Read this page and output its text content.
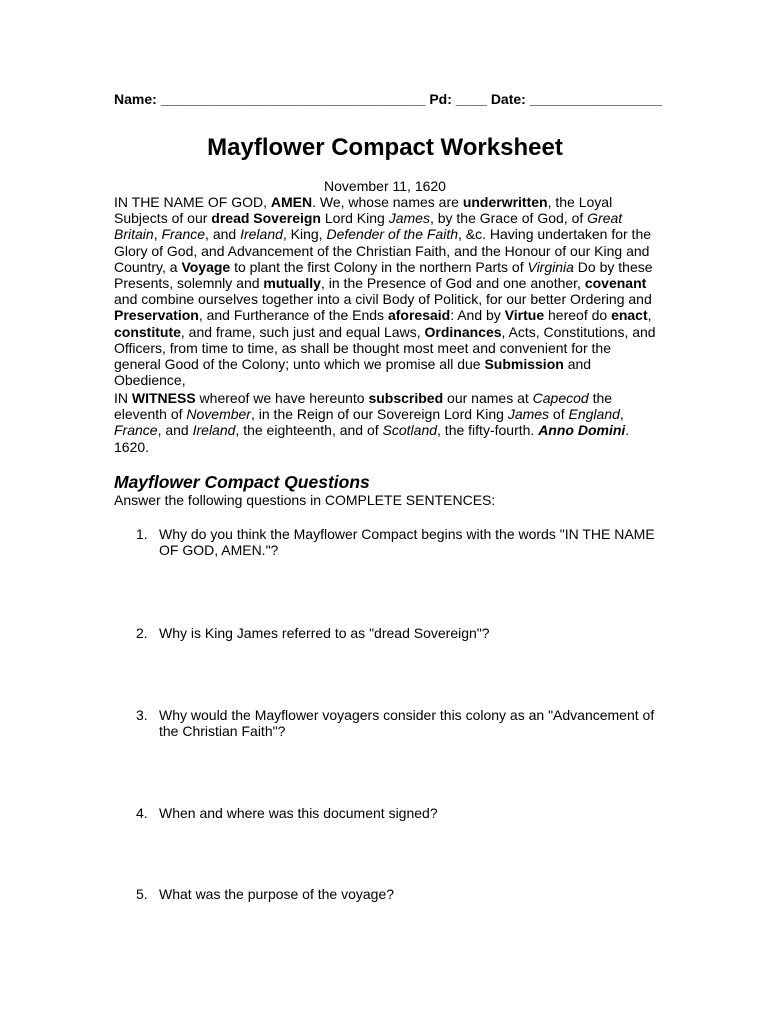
Name: __________________________________ Pd: ____ Date: _________________
Mayflower Compact Worksheet
November 11, 1620

IN THE NAME OF GOD, AMEN. We, whose names are underwritten, the Loyal Subjects of our dread Sovereign Lord King James, by the Grace of God, of Great Britain, France, and Ireland, King, Defender of the Faith, &c. Having undertaken for the Glory of God, and Advancement of the Christian Faith, and the Honour of our King and Country, a Voyage to plant the first Colony in the northern Parts of Virginia Do by these Presents, solemnly and mutually, in the Presence of God and one another, covenant and combine ourselves together into a civil Body of Politick, for our better Ordering and Preservation, and Furtherance of the Ends aforesaid: And by Virtue hereof do enact, constitute, and frame, such just and equal Laws, Ordinances, Acts, Constitutions, and Officers, from time to time, as shall be thought most meet and convenient for the general Good of the Colony; unto which we promise all due Submission and Obedience,

IN WITNESS whereof we have hereunto subscribed our names at Capecod the eleventh of November, in the Reign of our Sovereign Lord King James of England, France, and Ireland, the eighteenth, and of Scotland, the fifty-fourth. Anno Domini. 1620.

Mayflower Compact Questions
Answer the following questions in COMPLETE SENTENCES:
1. Why do you think the Mayflower Compact begins with the words "IN THE NAME OF GOD, AMEN."?
2. Why is King James referred to as "dread Sovereign"?
3. Why would the Mayflower voyagers consider this colony as an "Advancement of the Christian Faith"?
4. When and where was this document signed?
5. What was the purpose of the voyage?
